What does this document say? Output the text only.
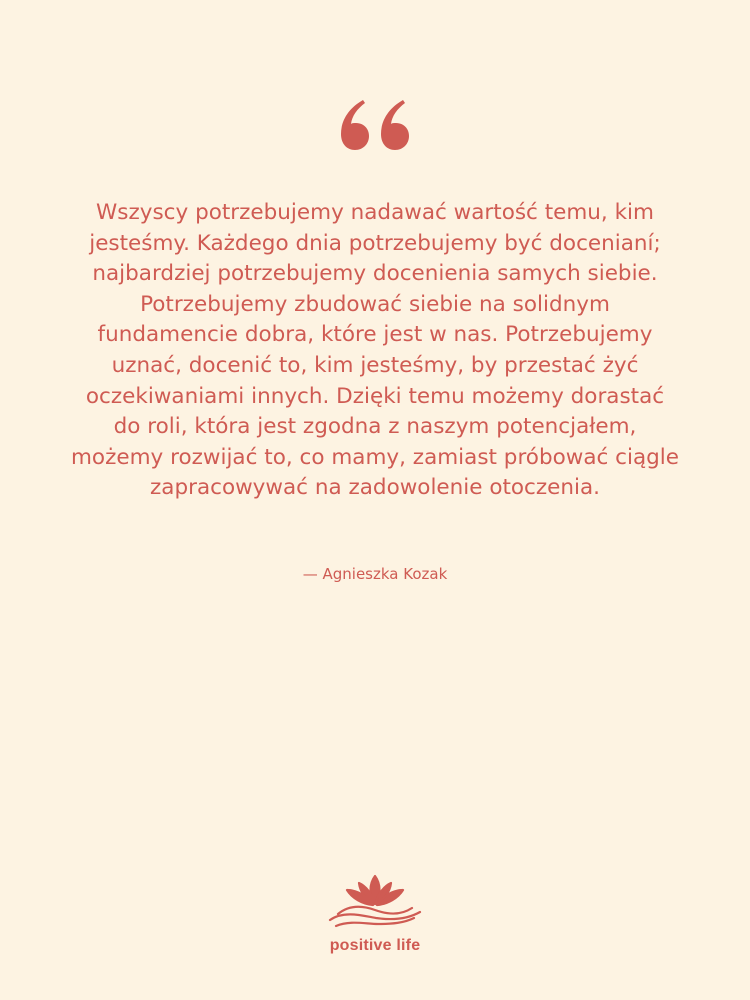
Wszyscy potrzebujemy nadawać wartość temu, kim jesteśmy. Każdego dnia potrzebujemy być docenianí; najbardziej potrzebujemy docenienia samych siebie. Potrzebujemy zbudować siebie na solidnym fundamencie dobra, które jest w nas. Potrzebujemy uznać, docenić to, kim jesteśmy, by przestać żyć oczekiwaniami innych. Dzięki temu możemy dorastać do roli, która jest zgodna z naszym potencjałem, możemy rozwijać to, co mamy, zamiast próbować ciągle zapracowywać na zadowolenie otoczenia.

— Agnieszka Kozak
positive life
